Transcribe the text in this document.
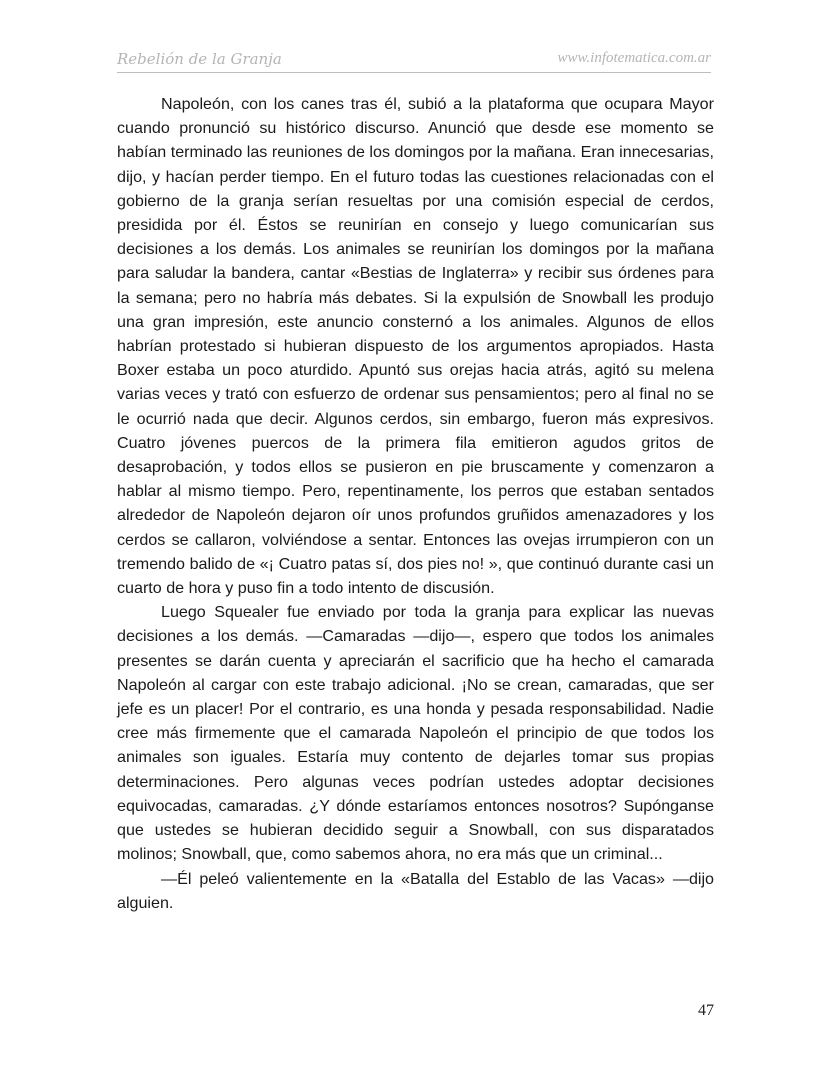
Rebelión de la Granja	www.infotematica.com.ar

Napoleón, con los canes tras él, subió a la plataforma que ocupara Mayor cuando pronunció su histórico discurso. Anunció que desde ese momento se habían terminado las reuniones de los domingos por la mañana. Eran innecesarias, dijo, y hacían perder tiempo. En el futuro todas las cuestiones relacionadas con el gobierno de la granja serían resueltas por una comisión especial de cerdos, presidida por él. Éstos se reunirían en consejo y luego comunicarían sus decisiones a los demás. Los animales se reunirían los domingos por la mañana para saludar la bandera, cantar «Bestias de Inglaterra» y recibir sus órdenes para la semana; pero no habría más debates. Si la expulsión de Snowball les produjo una gran impresión, este anuncio consternó a los animales. Algunos de ellos habrían protestado si hubieran dispuesto de los argumentos apropiados. Hasta Boxer estaba un poco aturdido. Apuntó sus orejas hacia atrás, agitó su melena varias veces y trató con esfuerzo de ordenar sus pensamientos; pero al final no se le ocurrió nada que decir. Algunos cerdos, sin embargo, fueron más expresivos. Cuatro jóvenes puercos de la primera fila emitieron agudos gritos de desaprobación, y todos ellos se pusieron en pie bruscamente y comenzaron a hablar al mismo tiempo. Pero, repentinamente, los perros que estaban sentados alrededor de Napoleón dejaron oír unos profundos gruñidos amenazadores y los cerdos se callaron, volviéndose a sentar. Entonces las ovejas irrumpieron con un tremendo balido de «¡ Cuatro patas sí, dos pies no! », que continuó durante casi un cuarto de hora y puso fin a todo intento de discusión.

Luego Squealer fue enviado por toda la granja para explicar las nuevas decisiones a los demás. —Camaradas —dijo—, espero que todos los animales presentes se darán cuenta y apreciarán el sacrificio que ha hecho el camarada Napoleón al cargar con este trabajo adicional. ¡No se crean, camaradas, que ser jefe es un placer! Por el contrario, es una honda y pesada responsabilidad. Nadie cree más firmemente que el camarada Napoleón el principio de que todos los animales son iguales. Estaría muy contento de dejarles tomar sus propias determinaciones. Pero algunas veces podrían ustedes adoptar decisiones equivocadas, camaradas. ¿Y dónde estaríamos entonces nosotros? Supónganse que ustedes se hubieran decidido seguir a Snowball, con sus disparatados molinos; Snowball, que, como sabemos ahora, no era más que un criminal...

—Él peleó valientemente en la «Batalla del Establo de las Vacas» —dijo alguien.

47
